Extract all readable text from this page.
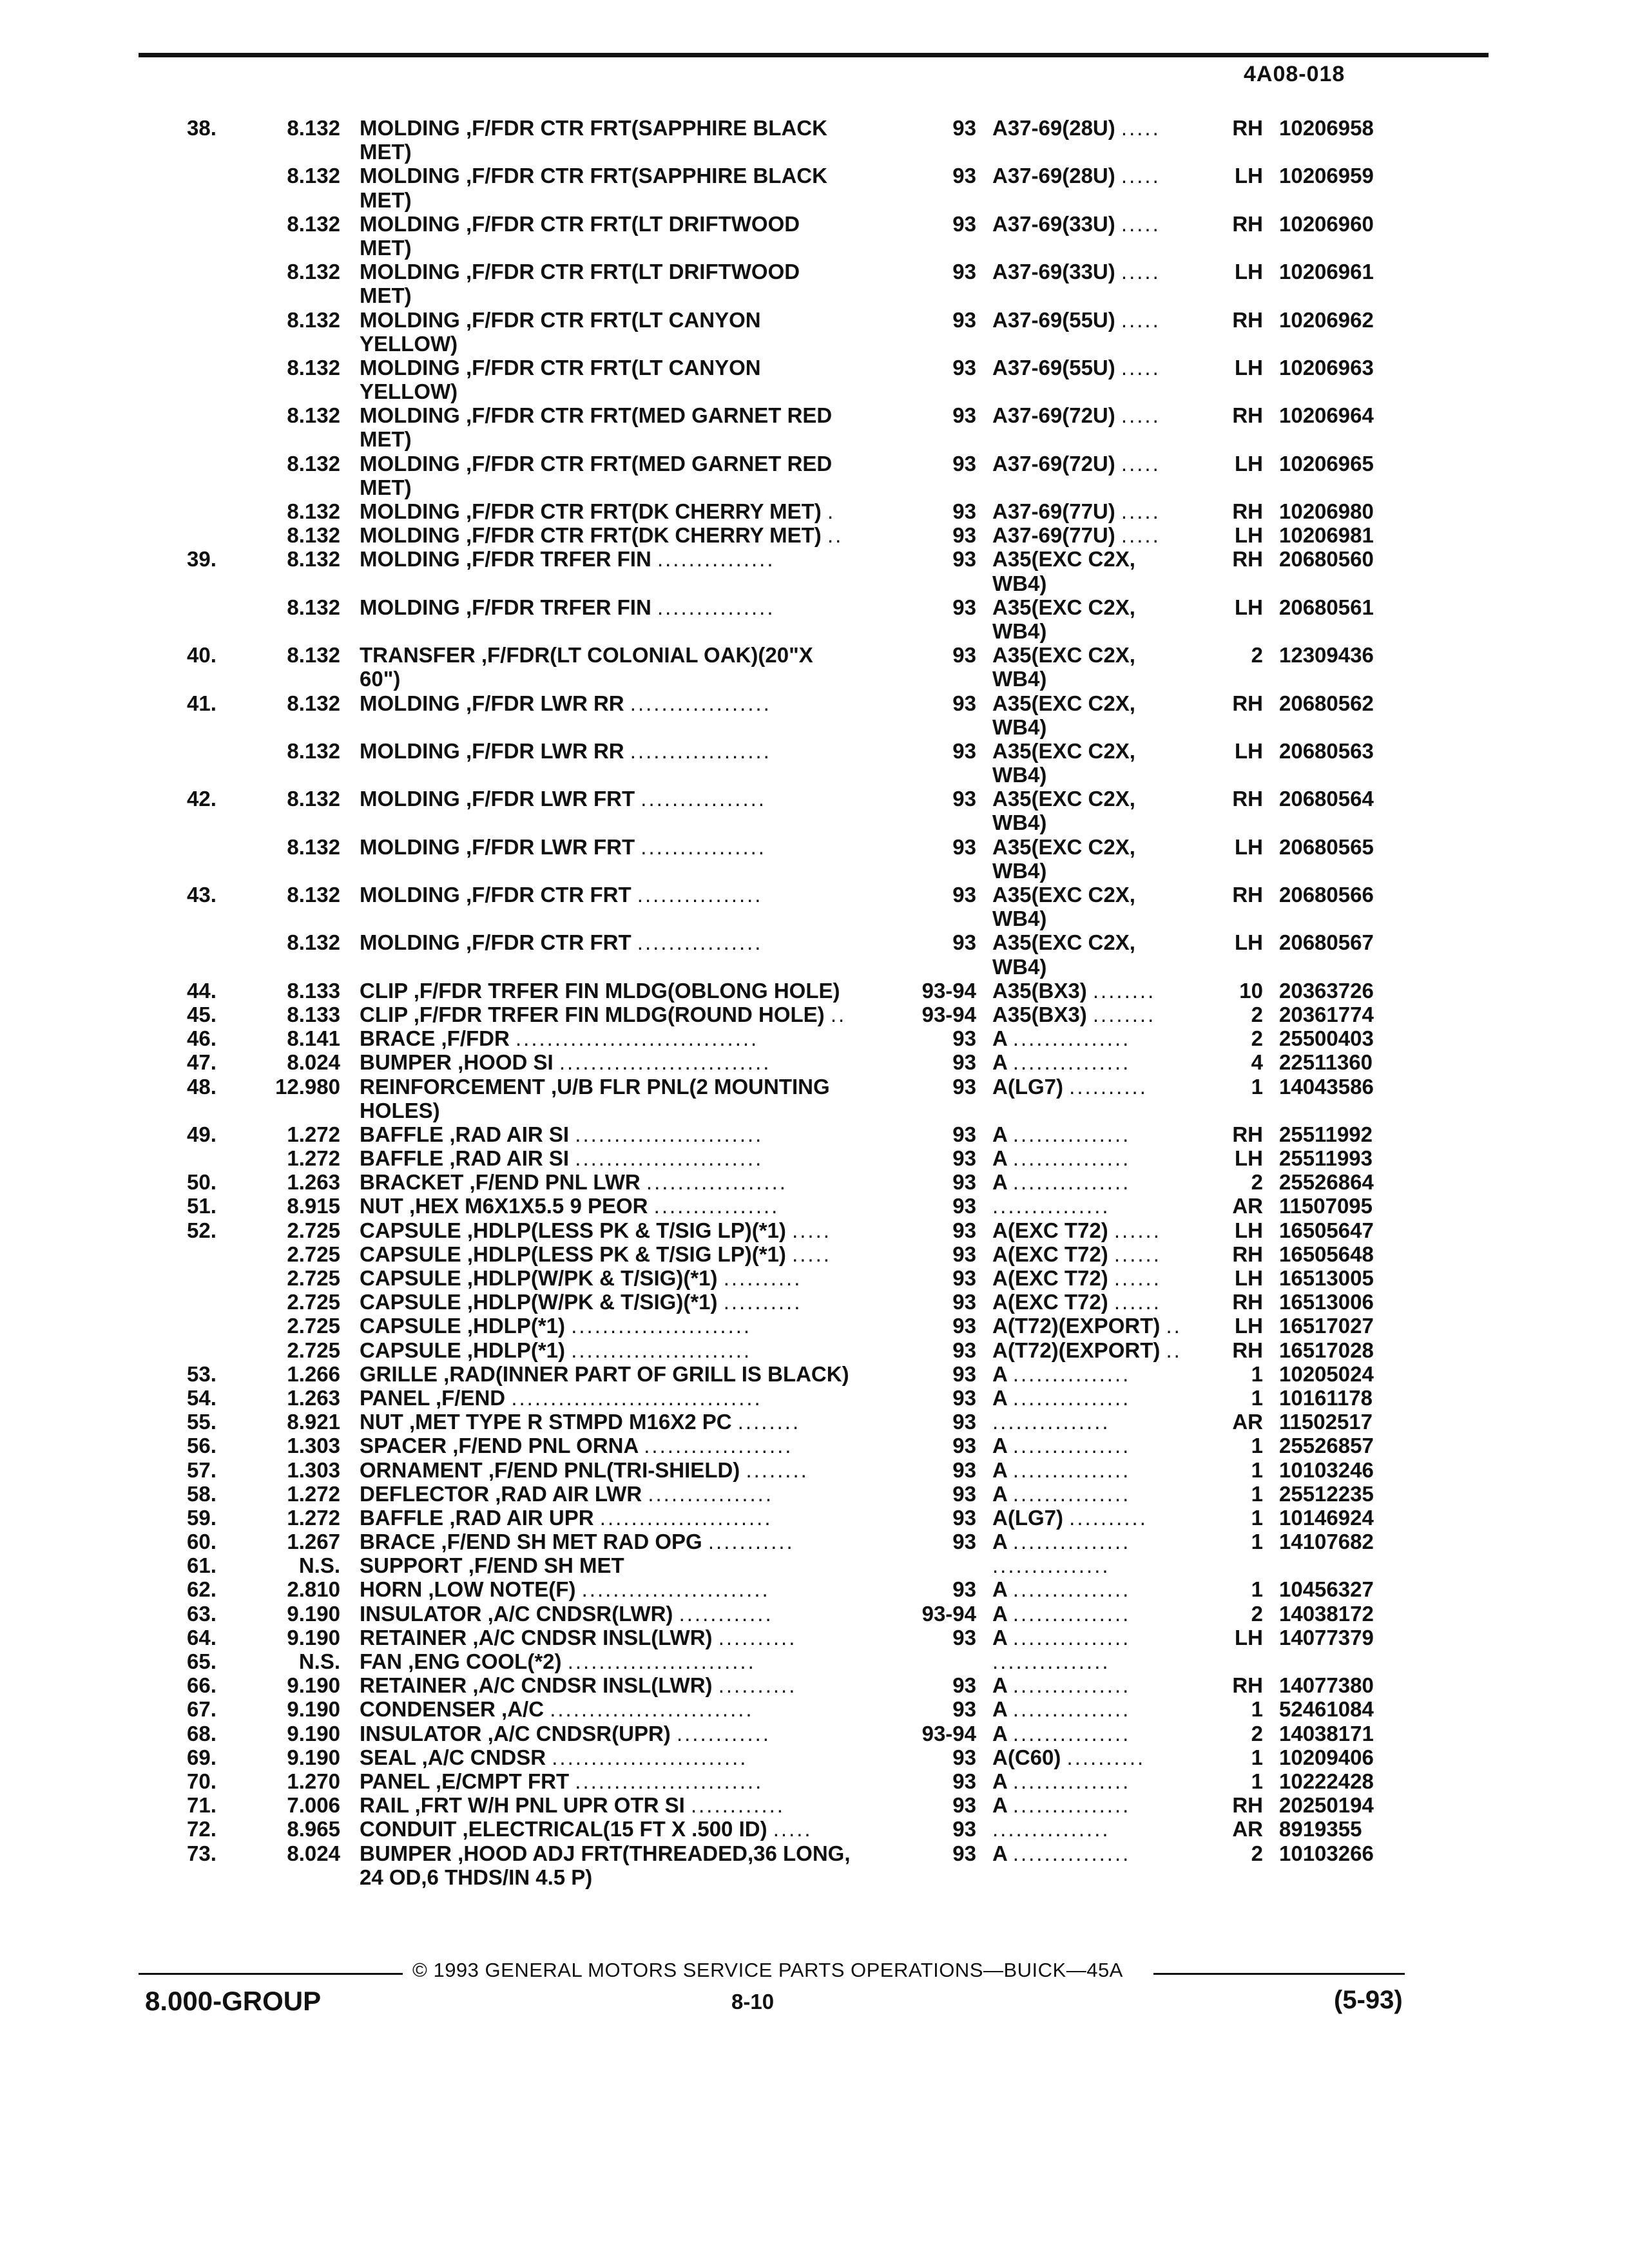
4A08-018
38.	8.132 MOLDING ,F/FDR CTR FRT(SAPPHIRE BLACK	93 A37-69(28U) .....	RH 10206958
MET)
8.132 MOLDING ,F/FDR CTR FRT(SAPPHIRE BLACK	93 A37-69(28U) .....	LH 10206959
MET)
8.132 MOLDING ,F/FDR CTR FRT(LT DRIFTWOOD	93 A37-69(33U) .....	RH 10206960
MET)
8.132 MOLDING ,F/FDR CTR FRT(LT DRIFTWOOD	93 A37-69(33U) .....	LH 10206961
MET)
8.132 MOLDING ,F/FDR CTR FRT(LT CANYON	93 A37-69(55U) .....	RH 10206962
YELLOW)
8.132 MOLDING ,F/FDR CTR FRT(LT CANYON	93 A37-69(55U) .....	LH 10206963
YELLOW)
8.132 MOLDING ,F/FDR CTR FRT(MED GARNET RED	93 A37-69(72U) .....	RH 10206964
MET)
8.132 MOLDING ,F/FDR CTR FRT(MED GARNET RED	93 A37-69(72U) .....	LH 10206965
MET)
8.132 MOLDING ,F/FDR CTR FRT(DK CHERRY MET) .	93 A37-69(77U) .....	RH 10206980
8.132 MOLDING ,F/FDR CTR FRT(DK CHERRY MET) ..	93 A37-69(77U) .....	LH 10206981
39.	8.132 MOLDING ,F/FDR TRFER FIN ...............	93 A35(EXC C2X,	RH 20680560
WB4)
8.132 MOLDING ,F/FDR TRFER FIN ...............	93 A35(EXC C2X,	LH 20680561
WB4)
40.	8.132 TRANSFER ,F/FDR(LT COLONIAL OAK)(20"X	93 A35(EXC C2X,	2 12309436
60")	WB4)
41.	8.132 MOLDING ,F/FDR LWR RR ..................	93 A35(EXC C2X,	RH 20680562
WB4)
8.132 MOLDING ,F/FDR LWR RR ..................	93 A35(EXC C2X,	LH 20680563
WB4)
42.	8.132 MOLDING ,F/FDR LWR FRT ................	93 A35(EXC C2X,	RH 20680564
WB4)
8.132 MOLDING ,F/FDR LWR FRT ................	93 A35(EXC C2X,	LH 20680565
WB4)
43.	8.132 MOLDING ,F/FDR CTR FRT ................	93 A35(EXC C2X,	RH 20680566
WB4)
8.132 MOLDING ,F/FDR CTR FRT ................	93 A35(EXC C2X,	LH 20680567
WB4)
44.	8.133 CLIP ,F/FDR TRFER FIN MLDG(OBLONG HOLE)	93-94 A35(BX3) ........	10 20363726
45.	8.133 CLIP ,F/FDR TRFER FIN MLDG(ROUND HOLE) ..	93-94 A35(BX3) ........	2 20361774
46.	8.141 BRACE ,F/FDR ...............................	93 A ...............	2 25500403
47.	8.024 BUMPER ,HOOD SI ...........................	93 A ...............	4 22511360
48.	12.980 REINFORCEMENT ,U/B FLR PNL(2 MOUNTING	93 A(LG7) ..........	1 14043586
HOLES)
49.	1.272 BAFFLE ,RAD AIR SI ........................	93 A ...............	RH 25511992
1.272 BAFFLE ,RAD AIR SI ........................	93 A ...............	LH 25511993
50.	1.263 BRACKET ,F/END PNL LWR ..................	93 A ...............	2 25526864
51.	8.915 NUT ,HEX M6X1X5.5 9 PEOR ................	93 ...............	AR 11507095
52.	2.725 CAPSULE ,HDLP(LESS PK & T/SIG LP)(*1) .....	93 A(EXC T72) ......	LH 16505647
2.725 CAPSULE ,HDLP(LESS PK & T/SIG LP)(*1) .....	93 A(EXC T72) ......	RH 16505648
2.725 CAPSULE ,HDLP(W/PK & T/SIG)(*1) ..........	93 A(EXC T72) ......	LH 16513005
2.725 CAPSULE ,HDLP(W/PK & T/SIG)(*1) ..........	93 A(EXC T72) ......	RH 16513006
2.725 CAPSULE ,HDLP(*1) .......................	93 A(T72)(EXPORT) ..	LH 16517027
2.725 CAPSULE ,HDLP(*1) .......................	93 A(T72)(EXPORT) ..	RH 16517028
53.	1.266 GRILLE ,RAD(INNER PART OF GRILL IS BLACK)	93 A ...............	1 10205024
54.	1.263 PANEL ,F/END ................................	93 A ...............	1 10161178
55.	8.921 NUT ,MET TYPE R STMPD M16X2 PC ........	93 ...............	AR 11502517
56.	1.303 SPACER ,F/END PNL ORNA ...................	93 A ...............	1 25526857
57.	1.303 ORNAMENT ,F/END PNL(TRI-SHIELD) ........	93 A ...............	1 10103246
58.	1.272 DEFLECTOR ,RAD AIR LWR ................	93 A ...............	1 25512235
59.	1.272 BAFFLE ,RAD AIR UPR ......................	93 A(LG7) ..........	1 10146924
60.	1.267 BRACE ,F/END SH MET RAD OPG ...........	93 A ...............	1 14107682
61.	N.S. SUPPORT ,F/END SH MET	...............
62.	2.810 HORN ,LOW NOTE(F) ........................	93 A ...............	1 10456327
63.	9.190 INSULATOR ,A/C CNDSR(LWR) ............	93-94 A ...............	2 14038172
64.	9.190 RETAINER ,A/C CNDSR INSL(LWR) ..........	93 A ...............	LH 14077379
65.	N.S. FAN ,ENG COOL(*2) ........................	...............
66.	9.190 RETAINER ,A/C CNDSR INSL(LWR) ..........	93 A ...............	RH 14077380
67.	9.190 CONDENSER ,A/C ..........................	93 A ...............	1 52461084
68.	9.190 INSULATOR ,A/C CNDSR(UPR) ............	93-94 A ...............	2 14038171
69.	9.190 SEAL ,A/C CNDSR .........................	93 A(C60) ..........	1 10209406
70.	1.270 PANEL ,E/CMPT FRT ........................	93 A ...............	1 10222428
71.	7.006 RAIL ,FRT W/H PNL UPR OTR SI ............	93 A ...............	RH 20250194
72.	8.965 CONDUIT ,ELECTRICAL(15 FT X .500 ID) .....	93 ...............	AR 8919355
73.	8.024 BUMPER ,HOOD ADJ FRT(THREADED,36 LONG,	93 A ...............	2 10103266
24 OD,6 THDS/IN 4.5 P)
© 1993 GENERAL MOTORS SERVICE PARTS OPERATIONS—BUICK—45A
8.000-GROUP	8-10	(5-93)
